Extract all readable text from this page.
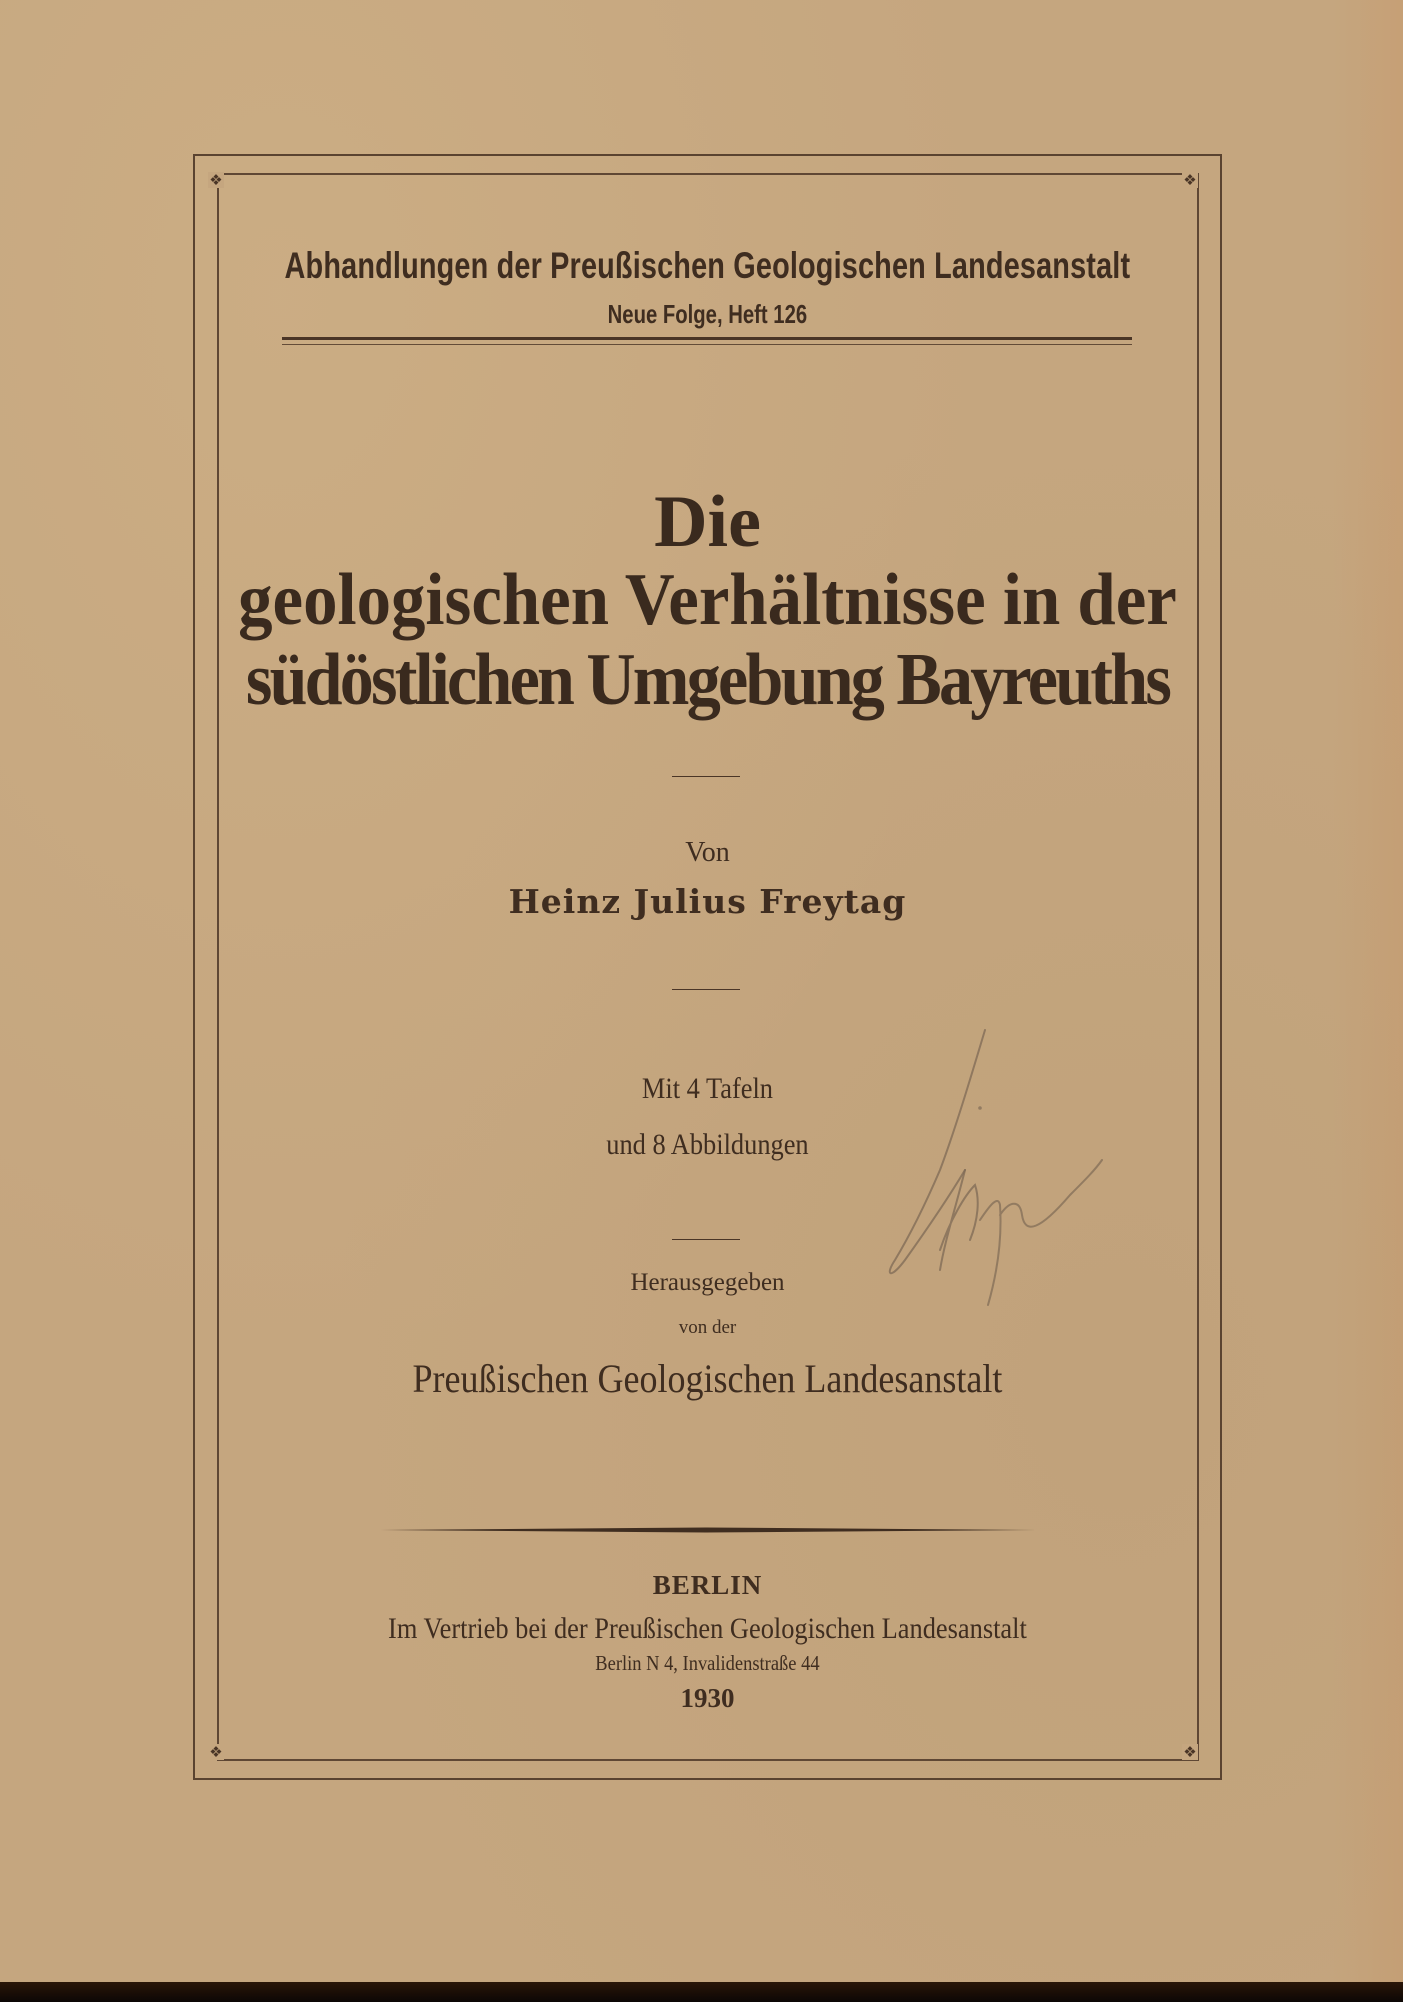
❖	❖
❖	❖

Abhandlungen der Preußischen Geologischen Landesanstalt

Neue Folge, Heft 126

Die

geologischen Verhältnisse in der

südöstlichen Umgebung Bayreuths

Von

Heinz Julius Freytag

Mit 4 Tafeln

und 8 Abbildungen

Herausgegeben

von der

Preußischen Geologischen Landesanstalt

BERLIN

Im Vertrieb bei der Preußischen Geologischen Landesanstalt

Berlin N 4, Invalidenstraße 44

1930
